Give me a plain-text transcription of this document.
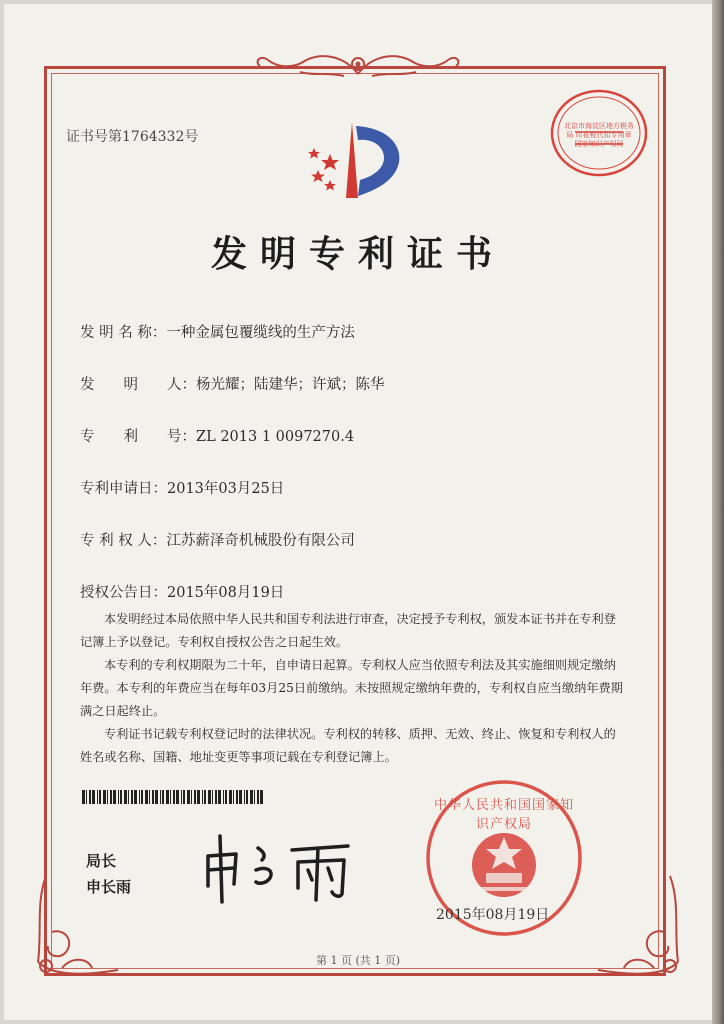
证书号第1764332号
北京市海淀区地方税务局 印花税代扣专用章 国家知识产权局
发明专利证书
发 明 名 称：一种金属包覆缆线的生产方法
发　　明　　人：杨光耀；陆建华；许斌；陈华
专　　利　　号：ZL 2013 1 0097270.4
专利申请日：2013年03月25日
专 利 权 人：江苏薪泽奇机械股份有限公司
授权公告日：2015年08月19日

本发明经过本局依照中华人民共和国专利法进行审查，决定授予专利权，颁发本证书并在专利登记簿上予以登记。专利权自授权公告之日起生效。

本专利的专利权期限为二十年，自申请日起算。专利权人应当依照专利法及其实施细则规定缴纳年费。本专利的年费应当在每年03月25日前缴纳。未按照规定缴纳年费的，专利权自应当缴纳年费期满之日起终止。

专利证书记载专利权登记时的法律状况。专利权的转移、质押、无效、终止、恢复和专利权人的姓名或名称、国籍、地址变更等事项记载在专利登记簿上。

局长
申长雨
中华人民共和国国家知识产权局
2015年08月19日
第 1 页 (共 1 页)
